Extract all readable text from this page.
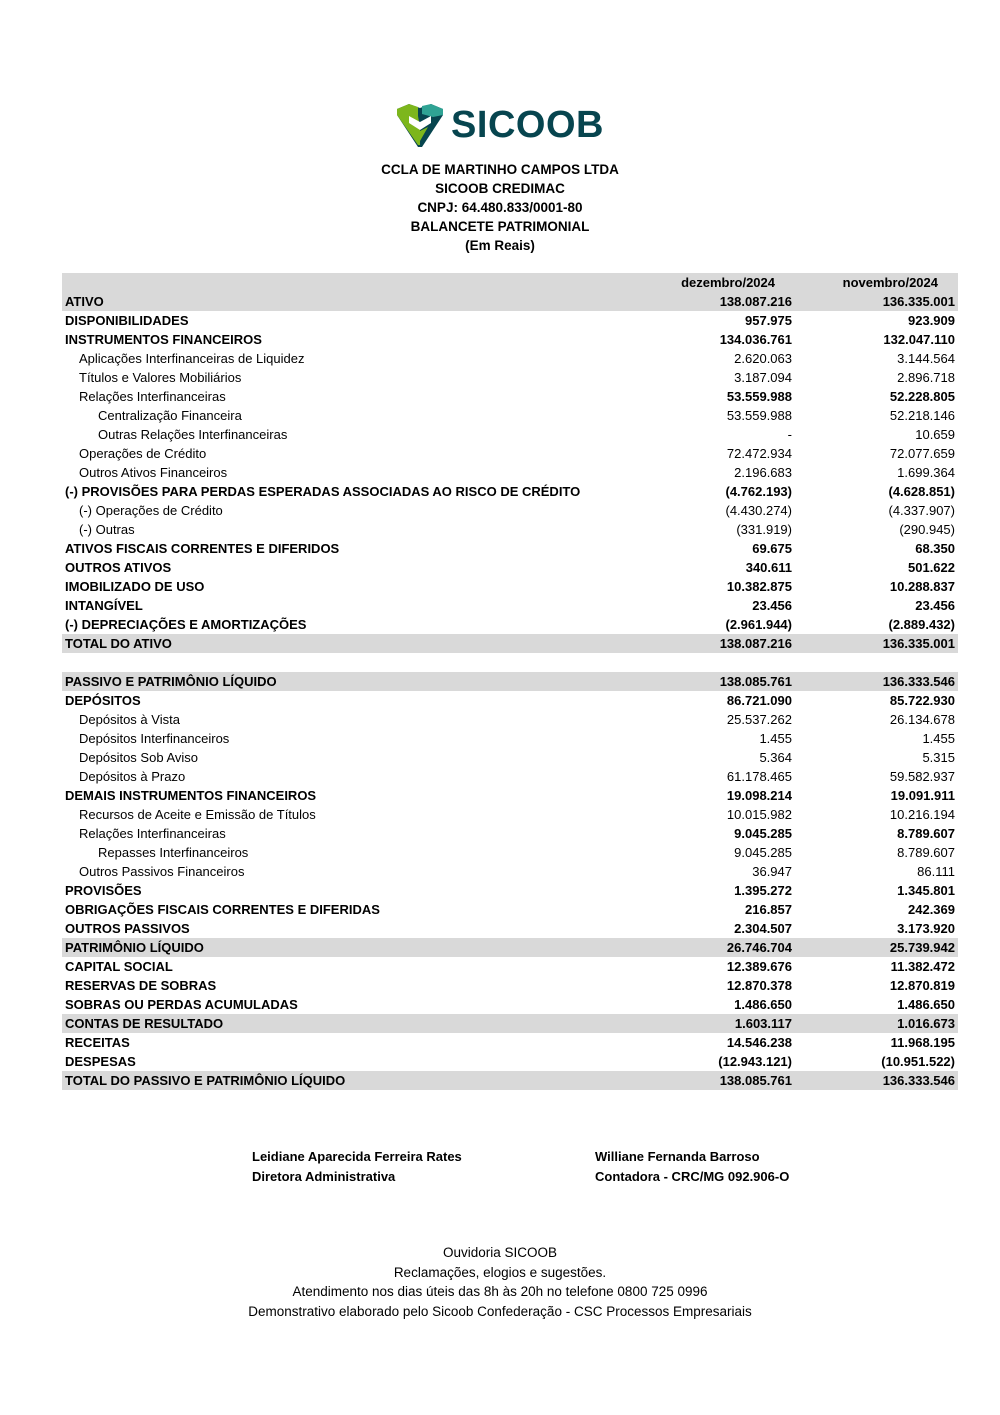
SICOOB
CCLA DE MARTINHO CAMPOS LTDA
SICOOB CREDIMAC
CNPJ: 64.480.833/0001-80
BALANCETE PATRIMONIAL
(Em Reais)
dezembro/2024	novembro/2024
ATIVO	138.087.216	136.335.001
DISPONIBILIDADES	957.975	923.909
INSTRUMENTOS FINANCEIROS	134.036.761	132.047.110
Aplicações Interfinanceiras de Liquidez	2.620.063	3.144.564
Títulos e Valores Mobiliários	3.187.094	2.896.718
Relações Interfinanceiras	53.559.988	52.228.805
Centralização Financeira	53.559.988	52.218.146
Outras Relações Interfinanceiras	-	10.659
Operações de Crédito	72.472.934	72.077.659
Outros Ativos Financeiros	2.196.683	1.699.364
(-) PROVISÕES PARA PERDAS ESPERADAS ASSOCIADAS AO RISCO DE CRÉDITO	(4.762.193)	(4.628.851)
(-) Operações de Crédito	(4.430.274)	(4.337.907)
(-) Outras	(331.919)	(290.945)
ATIVOS FISCAIS CORRENTES E DIFERIDOS	69.675	68.350
OUTROS ATIVOS	340.611	501.622
IMOBILIZADO DE USO	10.382.875	10.288.837
INTANGÍVEL	23.456	23.456
(-) DEPRECIAÇÕES E AMORTIZAÇÕES	(2.961.944)	(2.889.432)
TOTAL DO ATIVO	138.087.216	136.335.001
PASSIVO E PATRIMÔNIO LÍQUIDO	138.085.761	136.333.546
DEPÓSITOS	86.721.090	85.722.930
Depósitos à Vista	25.537.262	26.134.678
Depósitos Interfinanceiros	1.455	1.455
Depósitos Sob Aviso	5.364	5.315
Depósitos à Prazo	61.178.465	59.582.937
DEMAIS INSTRUMENTOS FINANCEIROS	19.098.214	19.091.911
Recursos de Aceite e Emissão de Títulos	10.015.982	10.216.194
Relações Interfinanceiras	9.045.285	8.789.607
Repasses Interfinanceiros	9.045.285	8.789.607
Outros Passivos Financeiros	36.947	86.111
PROVISÕES	1.395.272	1.345.801
OBRIGAÇÕES FISCAIS CORRENTES E DIFERIDAS	216.857	242.369
OUTROS PASSIVOS	2.304.507	3.173.920
PATRIMÔNIO LÍQUIDO	26.746.704	25.739.942
CAPITAL SOCIAL	12.389.676	11.382.472
RESERVAS DE SOBRAS	12.870.378	12.870.819
SOBRAS OU PERDAS ACUMULADAS	1.486.650	1.486.650
CONTAS DE RESULTADO	1.603.117	1.016.673
RECEITAS	14.546.238	11.968.195
DESPESAS	(12.943.121)	(10.951.522)
TOTAL DO PASSIVO E PATRIMÔNIO LÍQUIDO	138.085.761	136.333.546
Leidiane Aparecida Ferreira Rates
Diretora Administrativa
Williane Fernanda Barroso
Contadora - CRC/MG 092.906-O
Ouvidoria SICOOB
Reclamações, elogios e sugestões.
Atendimento nos dias úteis das 8h às 20h no telefone 0800 725 0996
Demonstrativo elaborado pelo Sicoob Confederação - CSC Processos Empresariais
